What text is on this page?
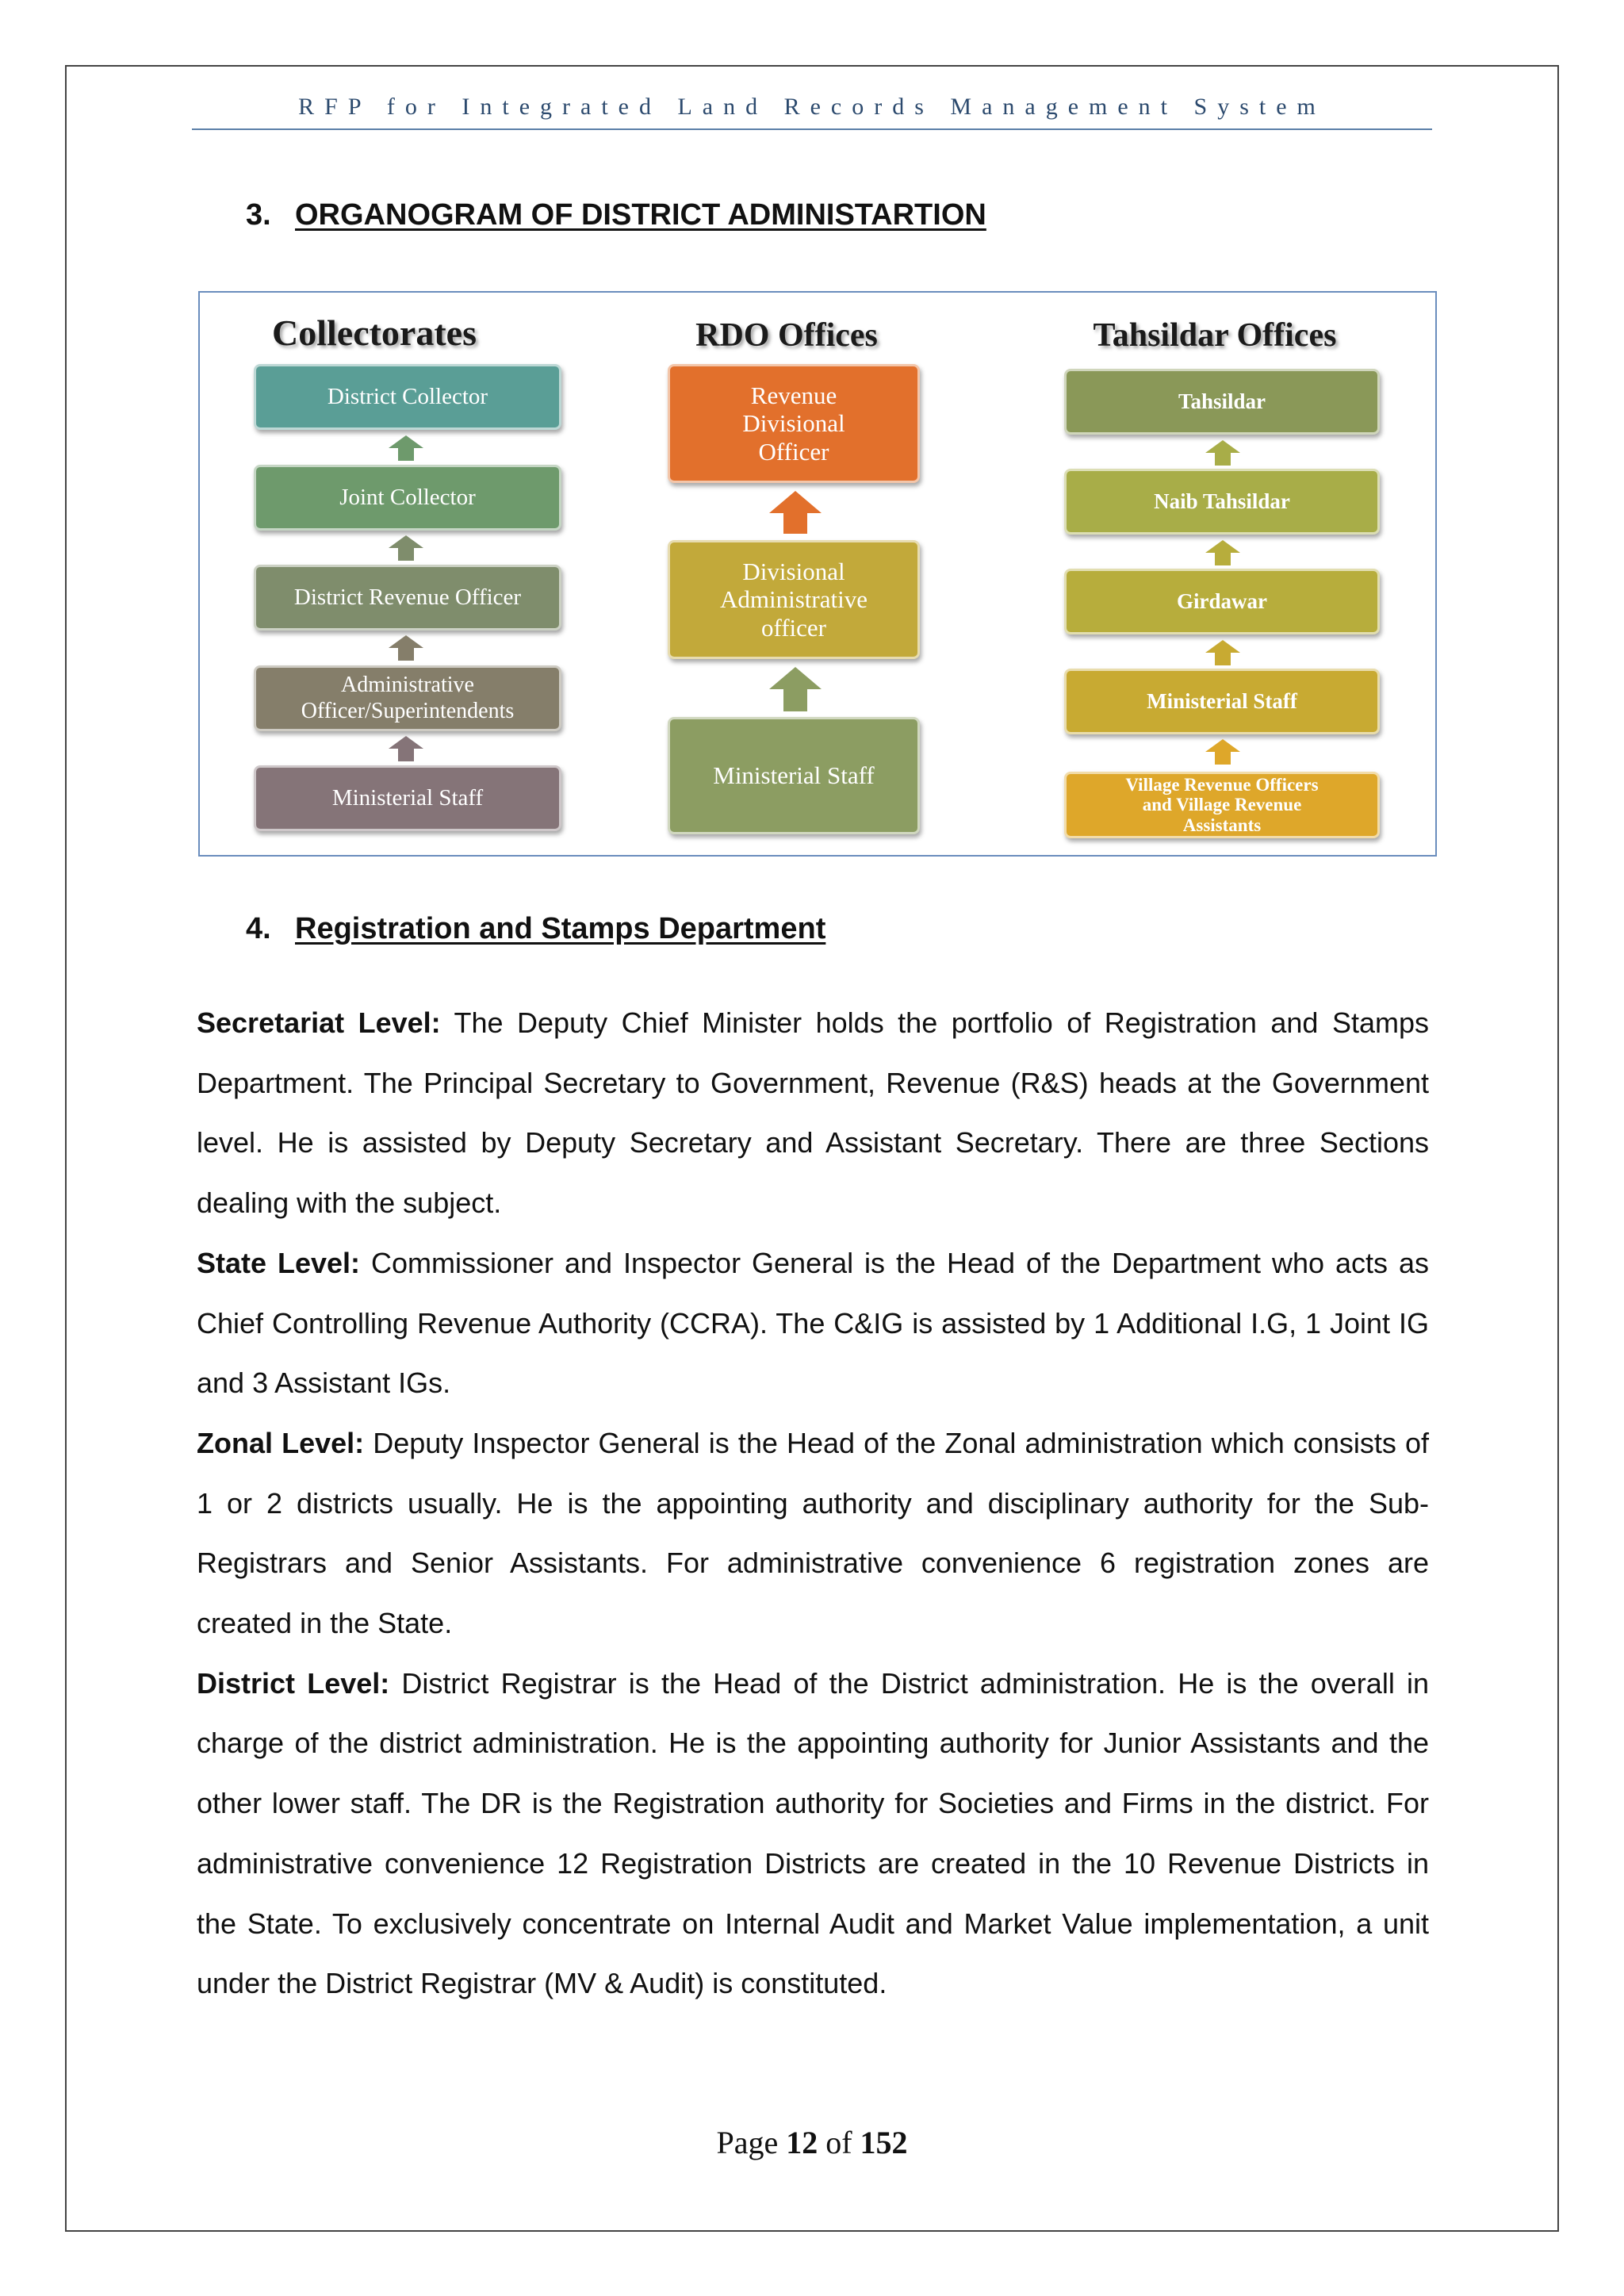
RFP for Integrated Land Records Management System
3. ORGANOGRAM OF DISTRICT ADMINISTARTION
Collectorates
District Collector
Joint Collector
District Revenue Officer
Administrative
Officer/Superintendents
Ministerial Staff
RDO Offices
Revenue
Divisional
Officer
Divisional
Administrative
officer
Ministerial Staff
Tahsildar Offices
Tahsildar
Naib Tahsildar
Girdawar
Ministerial Staff
Village Revenue Officers
and Village Revenue
Assistants
4. Registration and Stamps Department

Secretariat Level: The Deputy Chief Minister holds the portfolio of Registration and Stamps Department. The Principal Secretary to Government, Revenue (R&S) heads at the Government level. He is assisted by Deputy Secretary and Assistant Secretary. There are three Sections dealing with the subject.

State Level: Commissioner and Inspector General is the Head of the Department who acts as Chief Controlling Revenue Authority (CCRA). The C&IG is assisted by 1 Additional I.G, 1 Joint IG and 3 Assistant IGs.

Zonal Level: Deputy Inspector General is the Head of the Zonal administration which consists of 1 or 2 districts usually. He is the appointing authority and disciplinary authority for the Sub-Registrars and Senior Assistants. For administrative convenience 6 registration zones are created in the State.

District Level: District Registrar is the Head of the District administration. He is the overall in charge of the district administration. He is the appointing authority for Junior Assistants and the other lower staff. The DR is the Registration authority for Societies and Firms in the district. For administrative convenience 12 Registration Districts are created in the 10 Revenue Districts in the State. To exclusively concentrate on Internal Audit and Market Value implementation, a unit under the District Registrar (MV & Audit) is constituted.

Page 12 of 152
